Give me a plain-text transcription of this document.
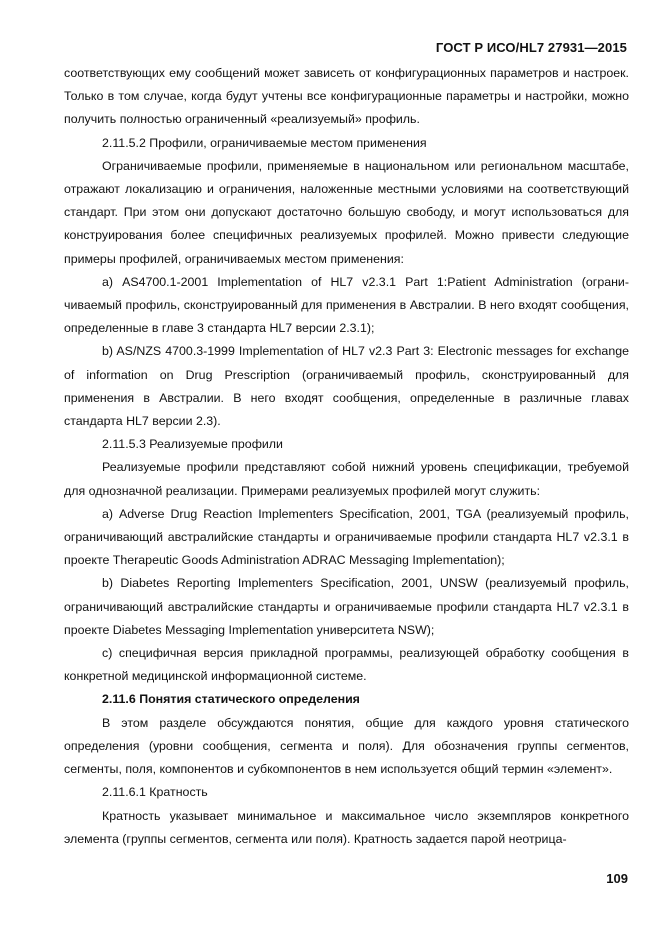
ГОСТ Р ИСО/HL7 27931—2015

соответствующих ему сообщений может зависеть от конфигурационных параметров и настроек. Только в том случае, когда будут учтены все конфигурационные параметры и настройки, можно получить полностью ограниченный «реализуемый» профиль.

2.11.5.2 Профили, ограничиваемые местом применения

Ограничиваемые профили, применяемые в национальном или региональном масштабе, отражают локализацию и ограничения, наложенные местными условиями на соответствующий стандарт. При этом они допускают достаточно большую свободу, и могут использоваться для конструирования более специфичных реализуемых профилей. Можно привести следующие примеры профилей, ограничиваемых местом применения:

а) AS4700.1-2001 Implementation of HL7 v2.3.1 Part 1:Patient Administration (ограничиваемый профиль, сконструированный для применения в Австралии. В него входят сообщения, определенные в главе 3 стандарта HL7 версии 2.3.1);

b) AS/NZS 4700.3-1999 Implementation of HL7 v2.3 Part 3: Electronic messages for exchange of information on Drug Prescription (ограничиваемый профиль, сконструированный для применения в Австралии. В него входят сообщения, определенные в различные главах стандарта HL7 версии 2.3).

2.11.5.3 Реализуемые профили

Реализуемые профили представляют собой нижний уровень спецификации, требуемой для однозначной реализации. Примерами реализуемых профилей могут служить:

а) Adverse Drug Reaction Implementers Specification, 2001, TGA (реализуемый профиль, ограничивающий австралийские стандарты и ограничиваемые профили стандарта HL7 v2.3.1 в проекте Therapeutic Goods Administration ADRAC Messaging Implementation);

b) Diabetes Reporting Implementers Specification, 2001, UNSW (реализуемый профиль, ограничивающий австралийские стандарты и ограничиваемые профили стандарта HL7 v2.3.1 в проекте Diabetes Messaging Implementation университета NSW);

c) специфичная версия прикладной программы, реализующей обработку сообщения в конкретной медицинской информационной системе.

2.11.6 Понятия статического определения

В этом разделе обсуждаются понятия, общие для каждого уровня статического определения (уровни сообщения, сегмента и поля). Для обозначения группы сегментов, сегменты, поля, компонентов и субкомпонентов в нем используется общий термин «элемент».

2.11.6.1 Кратность

Кратность указывает минимальное и максимальное число экземпляров конкретного элемента (группы сегментов, сегмента или поля). Кратность задается парой неотрица-

109
